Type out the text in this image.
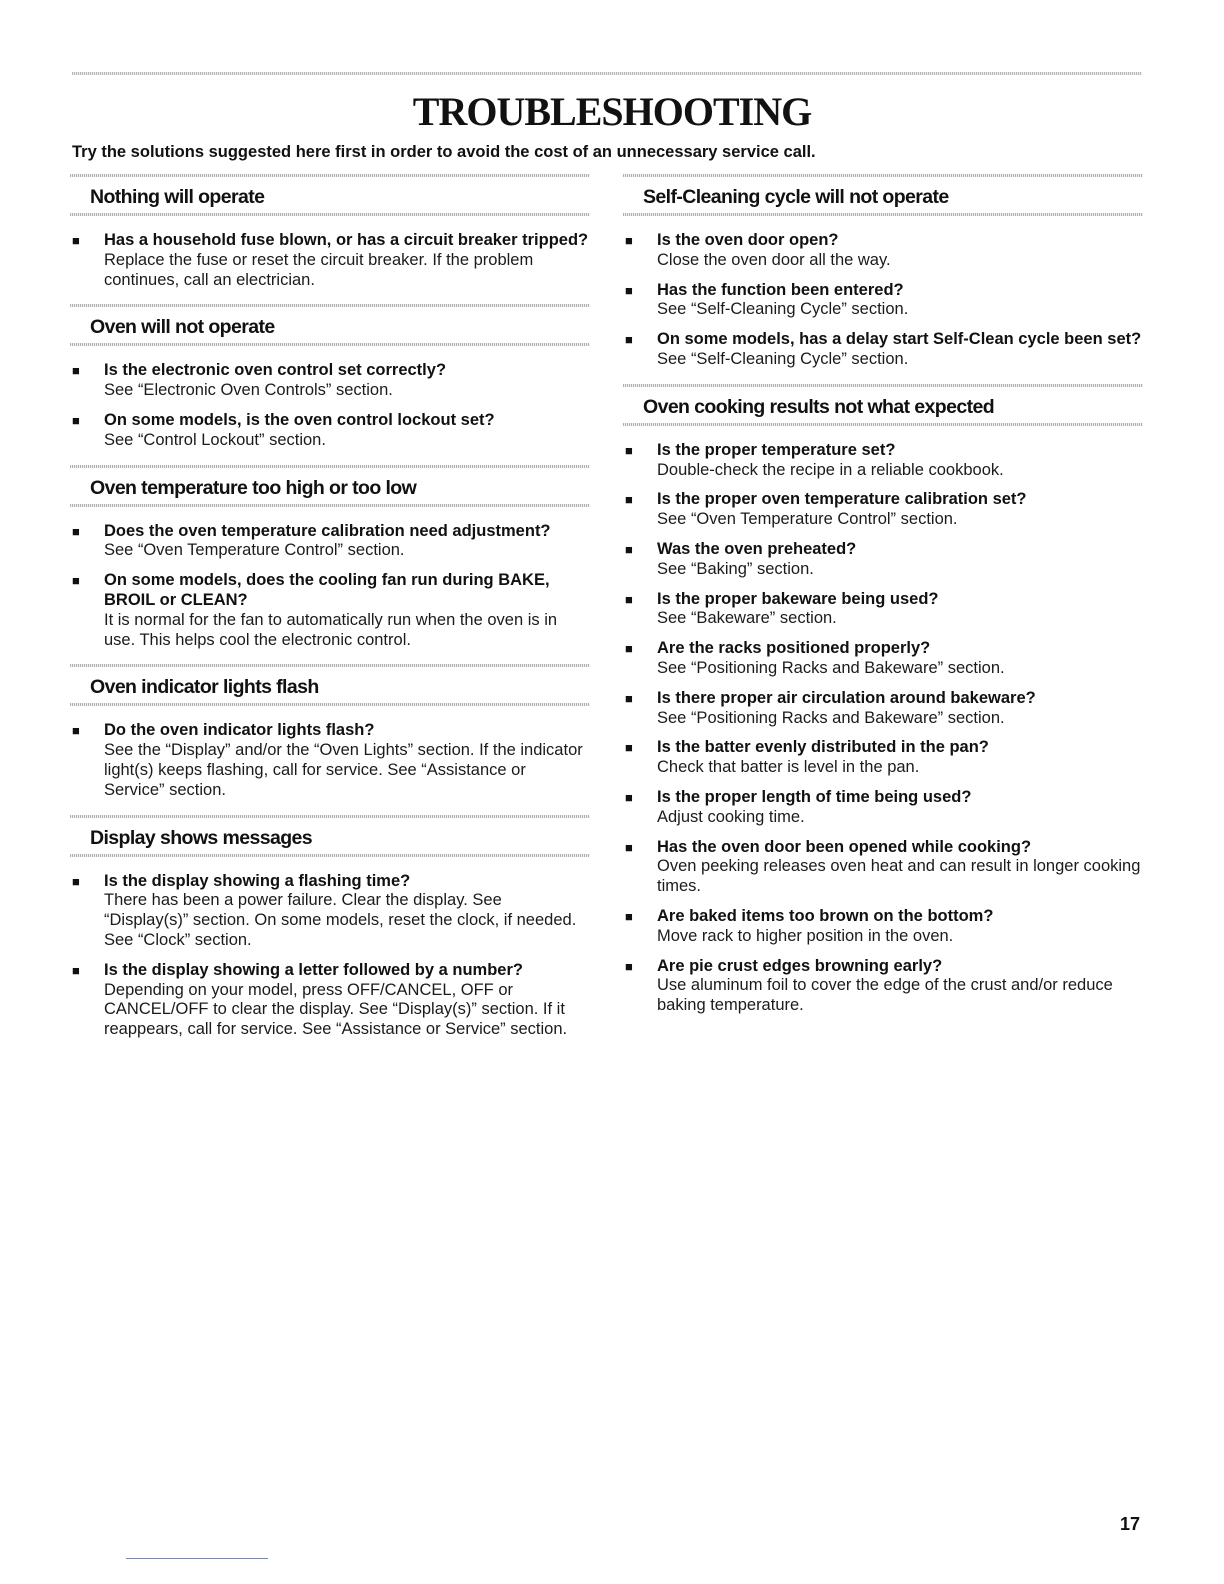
TROUBLESHOOTING

Try the solutions suggested here first in order to avoid the cost of an unnecessary service call.

Nothing will operate
■	Has a household fuse blown, or has a circuit breaker tripped?
Replace the fuse or reset the circuit breaker. If the problem continues, call an electrician.
Oven will not operate
■	Is the electronic oven control set correctly?
See “Electronic Oven Controls” section.
■	On some models, is the oven control lockout set?
See “Control Lockout” section.
Oven temperature too high or too low
■	Does the oven temperature calibration need adjustment?
See “Oven Temperature Control” section.
■	On some models, does the cooling fan run during BAKE, BROIL or CLEAN?
It is normal for the fan to automatically run when the oven is in use. This helps cool the electronic control.
Oven indicator lights flash
■	Do the oven indicator lights flash?
See the “Display” and/or the “Oven Lights” section. If the indicator light(s) keeps flashing, call for service. See “Assistance or Service” section.
Display shows messages
■	Is the display showing a flashing time?
There has been a power failure. Clear the display. See “Display(s)” section. On some models, reset the clock, if needed. See “Clock” section.
■	Is the display showing a letter followed by a number?
Depending on your model, press OFF/CANCEL, OFF or CANCEL/OFF to clear the display. See “Display(s)” section. If it reappears, call for service. See “Assistance or Service” section.
Self-Cleaning cycle will not operate
■	Is the oven door open?
Close the oven door all the way.
■	Has the function been entered?
See “Self-Cleaning Cycle” section.
■	On some models, has a delay start Self-Clean cycle been set?
See “Self-Cleaning Cycle” section.
Oven cooking results not what expected
■	Is the proper temperature set?
Double-check the recipe in a reliable cookbook.
■	Is the proper oven temperature calibration set?
See “Oven Temperature Control” section.
■	Was the oven preheated?
See “Baking” section.
■	Is the proper bakeware being used?
See “Bakeware” section.
■	Are the racks positioned properly?
See “Positioning Racks and Bakeware” section.
■	Is there proper air circulation around bakeware?
See “Positioning Racks and Bakeware” section.
■	Is the batter evenly distributed in the pan?
Check that batter is level in the pan.
■	Is the proper length of time being used?
Adjust cooking time.
■	Has the oven door been opened while cooking?
Oven peeking releases oven heat and can result in longer cooking times.
■	Are baked items too brown on the bottom?
Move rack to higher position in the oven.
■	Are pie crust edges browning early?
Use aluminum foil to cover the edge of the crust and/or reduce baking temperature.
17
